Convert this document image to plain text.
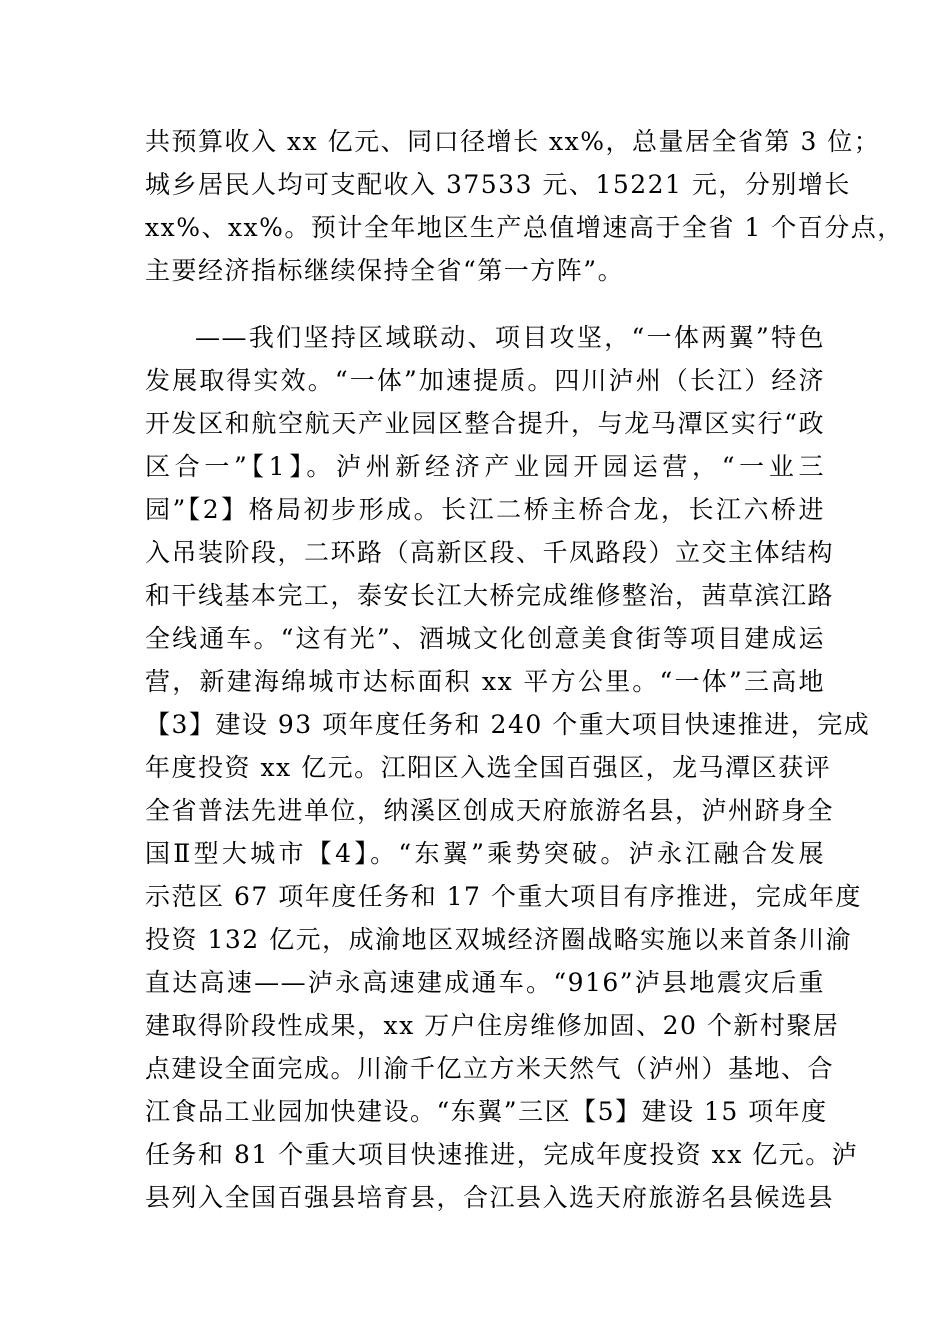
共预算收入 xx 亿元、同口径增长 xx%，总量居全省第 3 位；

城乡居民人均可支配收入 37533 元、15221 元，分别增长

xx%、xx%。预计全年地区生产总值增速高于全省 1 个百分点，

主要经济指标继续保持全省“第一方阵”。

——我们坚持区域联动、项目攻坚，“一体两翼”特色

发展取得实效。“一体”加速提质。四川泸州（长江）经济

开发区和航空航天产业园区整合提升，与龙马潭区实行“政

区合一”【1】。泸州新经济产业园开园运营，“一业三

园”【2】格局初步形成。长江二桥主桥合龙，长江六桥进

入吊装阶段，二环路（高新区段、千凤路段）立交主体结构

和干线基本完工，泰安长江大桥完成维修整治，茜草滨江路

全线通车。“这有光”、酒城文化创意美食街等项目建成运

营，新建海绵城市达标面积 xx 平方公里。“一体”三高地

【3】建设 93 项年度任务和 240 个重大项目快速推进，完成

年度投资 xx 亿元。江阳区入选全国百强区，龙马潭区获评

全省普法先进单位，纳溪区创成天府旅游名县，泸州跻身全

国Ⅱ型大城市【4】。“东翼”乘势突破。泸永江融合发展

示范区 67 项年度任务和 17 个重大项目有序推进，完成年度

投资 132 亿元，成渝地区双城经济圈战略实施以来首条川渝

直达高速——泸永高速建成通车。“916”泸县地震灾后重

建取得阶段性成果，xx 万户住房维修加固、20 个新村聚居

点建设全面完成。川渝千亿立方米天然气（泸州）基地、合

江食品工业园加快建设。“东翼”三区【5】建设 15 项年度

任务和 81 个重大项目快速推进，完成年度投资 xx 亿元。泸

县列入全国百强县培育县，合江县入选天府旅游名县候选县
